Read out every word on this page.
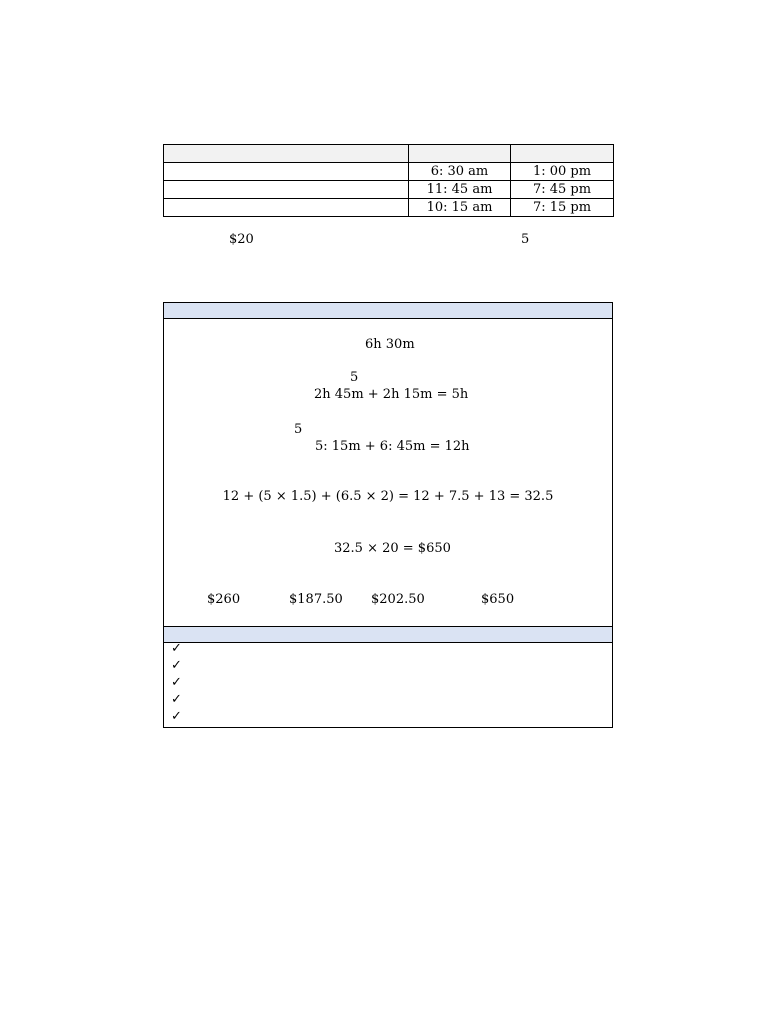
	6: 30 am	1: 00 pm
	11: 45 am	7: 45 pm
	10: 15 am	7: 15 pm
$20	5
6h 30m
5
2h 45m + 2h 15m = 5h
5
5: 15m + 6: 45m = 12h
12 + (5 × 1.5) + (6.5 × 2) = 12 + 7.5 + 13 = 32.5
32.5 × 20 = $650
$260	$187.50 $202.50	$650
✓
✓
✓
✓
✓
